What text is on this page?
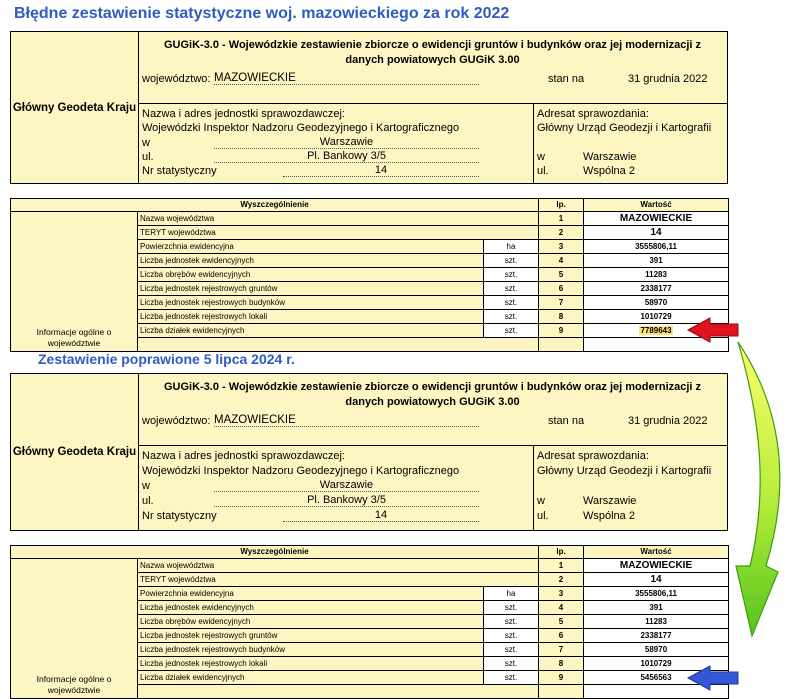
Błędne zestawienie statystyczne woj. mazowieckiego za rok 2022
Główny Geodeta Kraju
GUGiK-3.0 - Wojewódzkie zestawienie zbiorcze o ewidencji gruntów i budynków oraz jej modernizacji z danych powiatowych GUGiK 3.00
województwo: MAZOWIECKIE	stan na	31 grudnia 2022
Nazwa i adres jednostki sprawozdawczej:
Wojewódzki Inspektor Nadzoru Geodezyjnego i Kartograficznego
w	Warszawie
ul.	Pl. Bankowy 3/5
Nr statystyczny	14
Adresat sprawozdania:
Główny Urząd Geodezji i Kartografii
w	Warszawie
ul.	Wspólna 2
Wyszczególnienie			lp.	Wartość
Informacje ogólne o województwie	Nazwa województwa		1	MAZOWIECKIE
	TERYT województwa		2	14
	Powierzchnia ewidencyjna	ha	3	3555806,11
	Liczba jednostek ewidencyjnych	szt.	4	391
	Liczba obrębów ewidencyjnych	szt.	5	11283
	Liczba jednostek rejestrowych gruntów	szt.	6	2338177
	Liczba jednostek rejestrowych budynków	szt.	7	58970
	Liczba jednostek rejestrowych lokali	szt.	8	1010729
	Liczba działek ewidencyjnych	szt.	9	7789643

Zestawienie poprawione 5 lipca 2024 r.
Główny Geodeta Kraju
GUGiK-3.0 - Wojewódzkie zestawienie zbiorcze o ewidencji gruntów i budynków oraz jej modernizacji z danych powiatowych GUGiK 3.00
województwo: MAZOWIECKIE	stan na	31 grudnia 2022
Nazwa i adres jednostki sprawozdawczej:
Wojewódzki Inspektor Nadzoru Geodezyjnego i Kartograficznego
w	Warszawie
ul.	Pl. Bankowy 3/5
Nr statystyczny	14
Adresat sprawozdania:
Główny Urząd Geodezji i Kartografii
w	Warszawie
ul.	Wspólna 2
Wyszczególnienie			lp.	Wartość
Informacje ogólne o województwie	Nazwa województwa		1	MAZOWIECKIE
	TERYT województwa		2	14
	Powierzchnia ewidencyjna	ha	3	3555806,11
	Liczba jednostek ewidencyjnych	szt.	4	391
	Liczba obrębów ewidencyjnych	szt.	5	11283
	Liczba jednostek rejestrowych gruntów	szt.	6	2338177
	Liczba jednostek rejestrowych budynków	szt.	7	58970
	Liczba jednostek rejestrowych lokali	szt.	8	1010729
	Liczba działek ewidencyjnych	szt.	9	5456563
